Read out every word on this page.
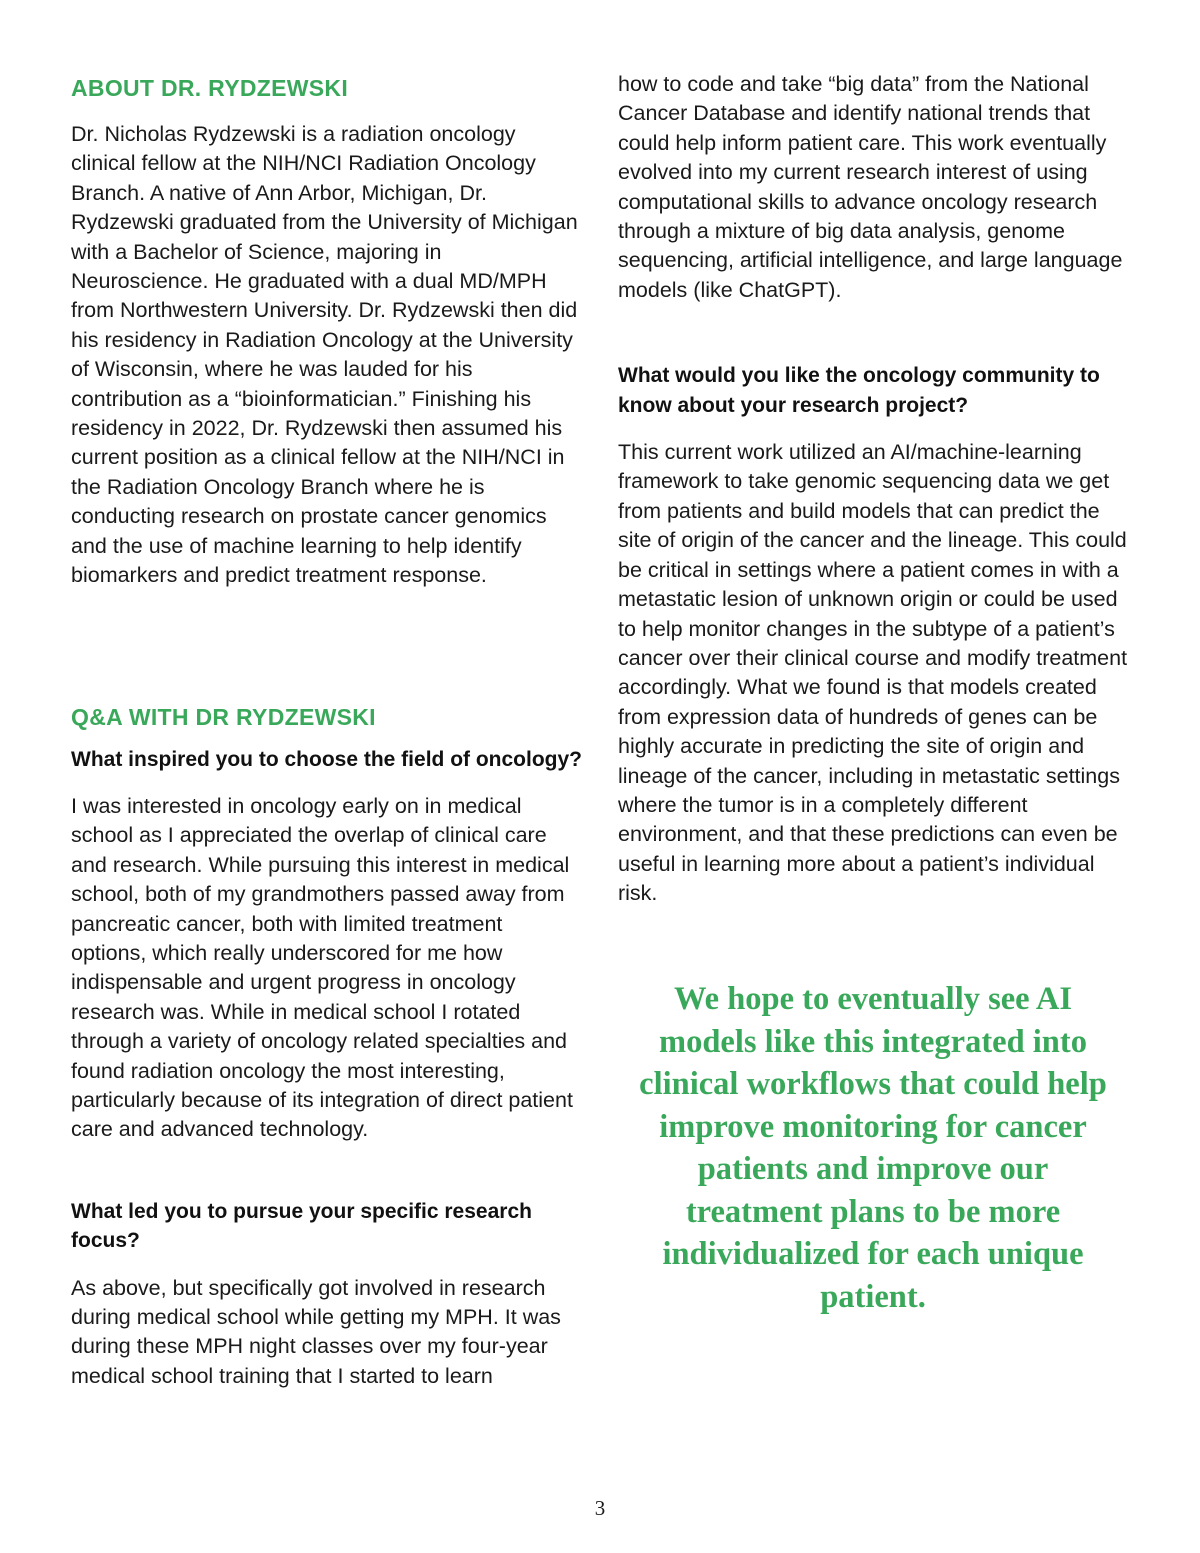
ABOUT DR. RYDZEWSKI

Dr. Nicholas Rydzewski is a radiation oncology clinical fellow at the NIH/NCI Radiation Oncology Branch. A native of Ann Arbor, Michigan, Dr. Rydzewski graduated from the University of Michigan with a Bachelor of Science, majoring in Neuroscience. He graduated with a dual MD/MPH from Northwestern University. Dr. Rydzewski then did his residency in Radiation Oncology at the University of Wisconsin, where he was lauded for his contribution as a “bioinformatician.” Finishing his residency in 2022, Dr. Rydzewski then assumed his current position as a clinical fellow at the NIH/NCI in the Radiation Oncology Branch where he is conducting research on prostate cancer genomics and the use of machine learning to help identify biomarkers and predict treatment response.

Q&A WITH DR RYDZEWSKI

What inspired you to choose the field of oncology?

I was interested in oncology early on in medical school as I appreciated the overlap of clinical care and research. While pursuing this interest in medical school, both of my grandmothers passed away from pancreatic cancer, both with limited treatment options, which really underscored for me how indispensable and urgent progress in oncology research was. While in medical school I rotated through a variety of oncology related specialties and found radiation oncology the most interesting, particularly because of its integration of direct patient care and advanced technology.

What led you to pursue your specific research focus?

As above, but specifically got involved in research during medical school while getting my MPH. It was during these MPH night classes over my four-year medical school training that I started to learn

how to code and take “big data” from the National Cancer Database and identify national trends that could help inform patient care. This work eventually evolved into my current research interest of using computational skills to advance oncology research through a mixture of big data analysis, genome sequencing, artificial intelligence, and large language models (like ChatGPT).

What would you like the oncology community to know about your research project?

This current work utilized an AI/machine-learning framework to take genomic sequencing data we get from patients and build models that can predict the site of origin of the cancer and the lineage. This could be critical in settings where a patient comes in with a metastatic lesion of unknown origin or could be used to help monitor changes in the subtype of a patient’s cancer over their clinical course and modify treatment accordingly. What we found is that models created from expression data of hundreds of genes can be highly accurate in predicting the site of origin and lineage of the cancer, including in metastatic settings where the tumor is in a completely different environment, and that these predictions can even be useful in learning more about a patient’s individual risk.

We hope to eventually see AI models like this integrated into clinical workflows that could help improve monitoring for cancer patients and improve our treatment plans to be more individualized for each unique patient.

3
